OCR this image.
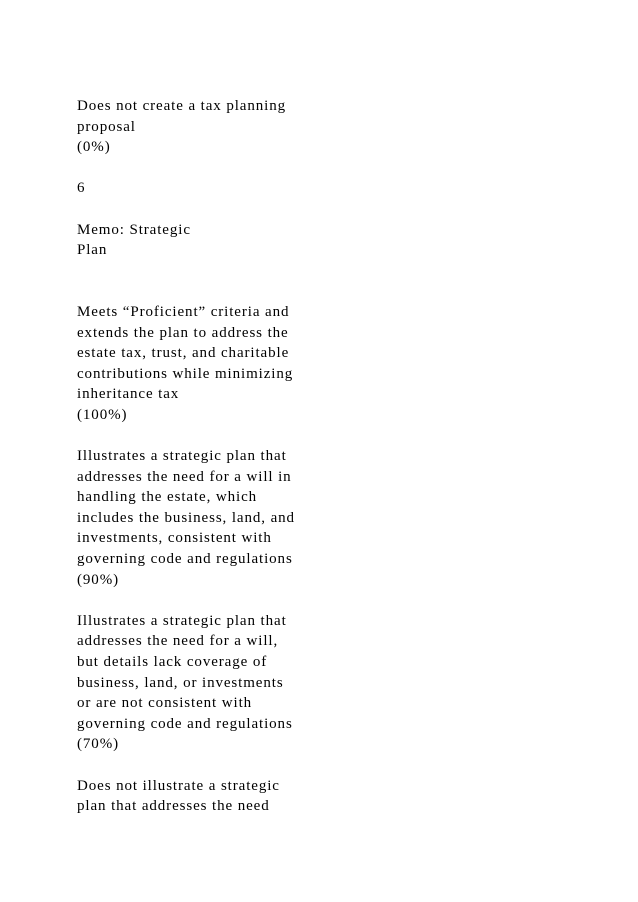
Does not create a tax planning
proposal
(0%)
6
Memo: Strategic
Plan
Meets “Proficient” criteria and
extends the plan to address the
estate tax, trust, and charitable
contributions while minimizing
inheritance tax
(100%)
Illustrates a strategic plan that
addresses the need for a will in
handling the estate, which
includes the business, land, and
investments, consistent with
governing code and regulations
(90%)
Illustrates a strategic plan that
addresses the need for a will,
but details lack coverage of
business, land, or investments
or are not consistent with
governing code and regulations
(70%)
Does not illustrate a strategic
plan that addresses the need
